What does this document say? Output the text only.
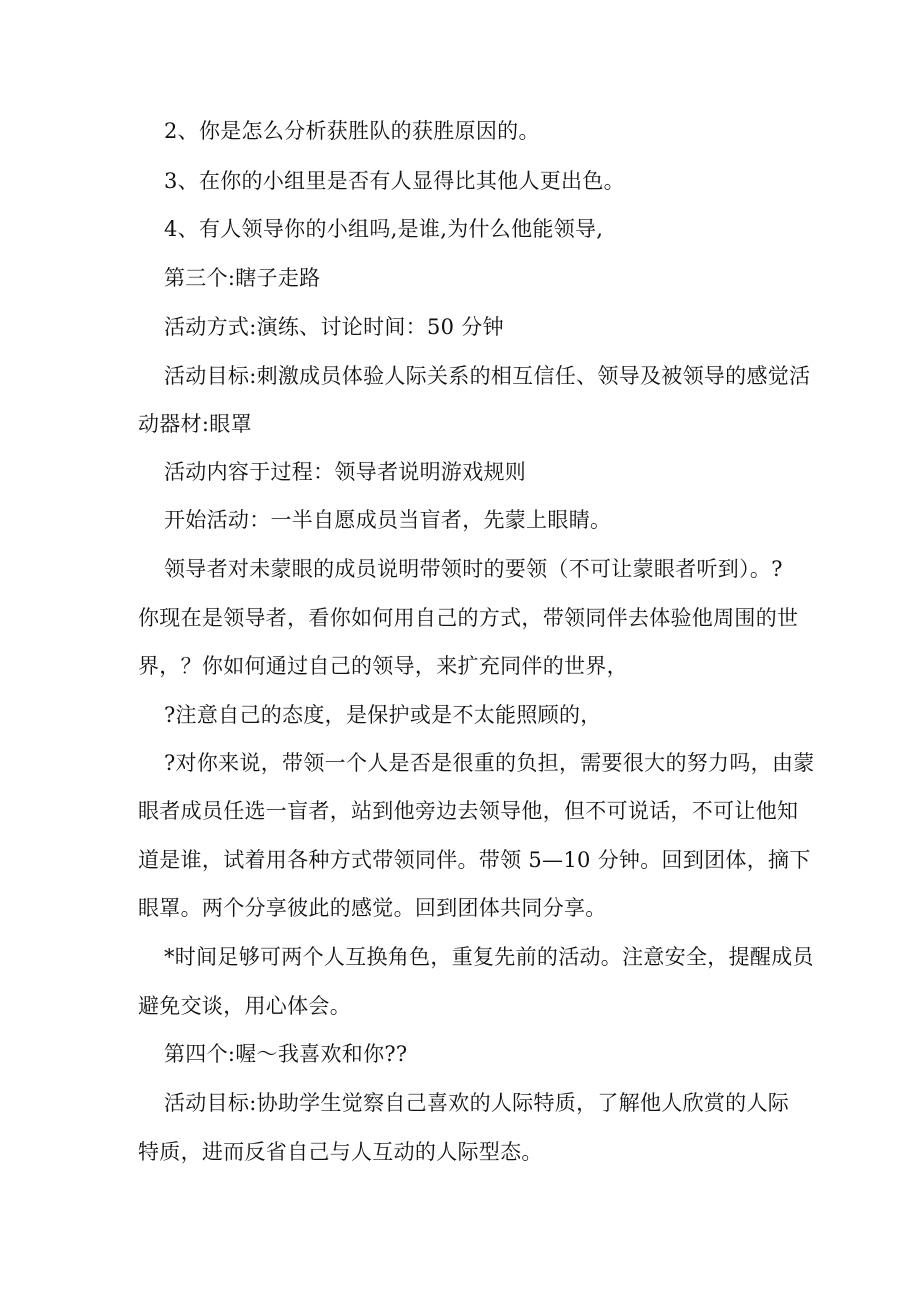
2、你是怎么分析获胜队的获胜原因的。
3、在你的小组里是否有人显得比其他人更出色。
4、有人领导你的小组吗,是谁,为什么他能领导,
第三个:瞎子走路
活动方式:演练、讨论时间：50 分钟
活动目标:刺激成员体验人际关系的相互信任、领导及被领导的感觉活
动器材:眼罩
活动内容于过程：领导者说明游戏规则
开始活动：一半自愿成员当盲者，先蒙上眼睛。
领导者对未蒙眼的成员说明带领时的要领（不可让蒙眼者听到）。?
你现在是领导者，看你如何用自己的方式，带领同伴去体验他周围的世
界，？你如何通过自己的领导，来扩充同伴的世界，
?注意自己的态度，是保护或是不太能照顾的，
?对你来说，带领一个人是否是很重的负担，需要很大的努力吗，由蒙
眼者成员任选一盲者，站到他旁边去领导他，但不可说话，不可让他知
道是谁，试着用各种方式带领同伴。带领 5—10 分钟。回到团体，摘下
眼罩。两个分享彼此的感觉。回到团体共同分享。
*时间足够可两个人互换角色，重复先前的活动。注意安全，提醒成员
避免交谈，用心体会。
第四个:喔～我喜欢和你??
活动目标:协助学生觉察自己喜欢的人际特质，了解他人欣赏的人际
特质，进而反省自己与人互动的人际型态。
